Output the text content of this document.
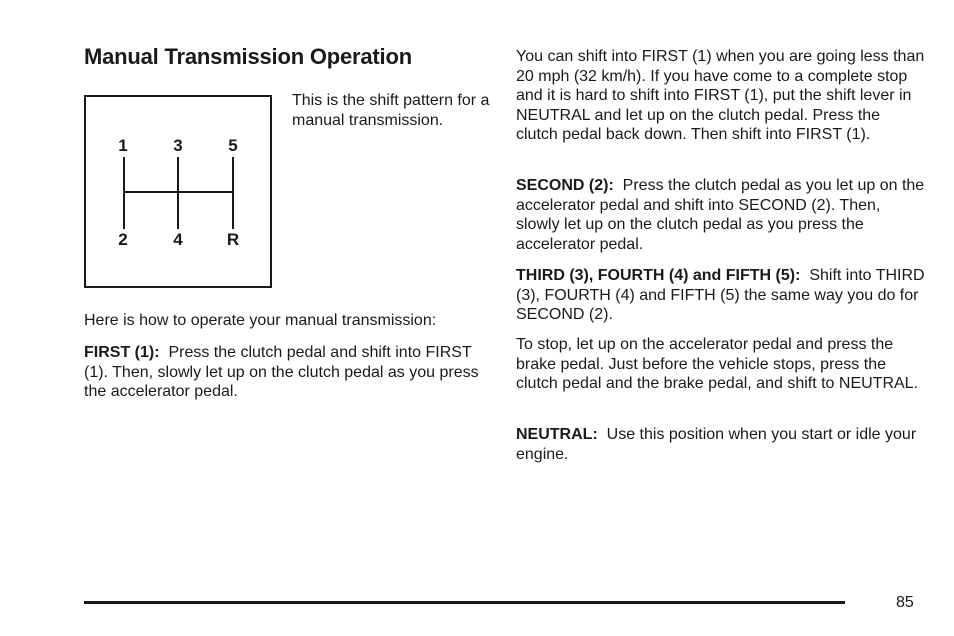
Manual Transmission Operation
1	3	5
2	4	R

This is the shift pattern for a manual transmission.

Here is how to operate your manual transmission:

FIRST (1): Press the clutch pedal and shift into FIRST (1). Then, slowly let up on the clutch pedal as you press the accelerator pedal.

You can shift into FIRST (1) when you are going less than 20 mph (32 km/h). If you have come to a complete stop and it is hard to shift into FIRST (1), put the shift lever in NEUTRAL and let up on the clutch pedal. Press the clutch pedal back down. Then shift into FIRST (1).

SECOND (2): Press the clutch pedal as you let up on the accelerator pedal and shift into SECOND (2). Then, slowly let up on the clutch pedal as you press the accelerator pedal.

THIRD (3), FOURTH (4) and FIFTH (5): Shift into THIRD (3), FOURTH (4) and FIFTH (5) the same way you do for SECOND (2).

To stop, let up on the accelerator pedal and press the brake pedal. Just before the vehicle stops, press the clutch pedal and the brake pedal, and shift to NEUTRAL.

NEUTRAL: Use this position when you start or idle your engine.

85
